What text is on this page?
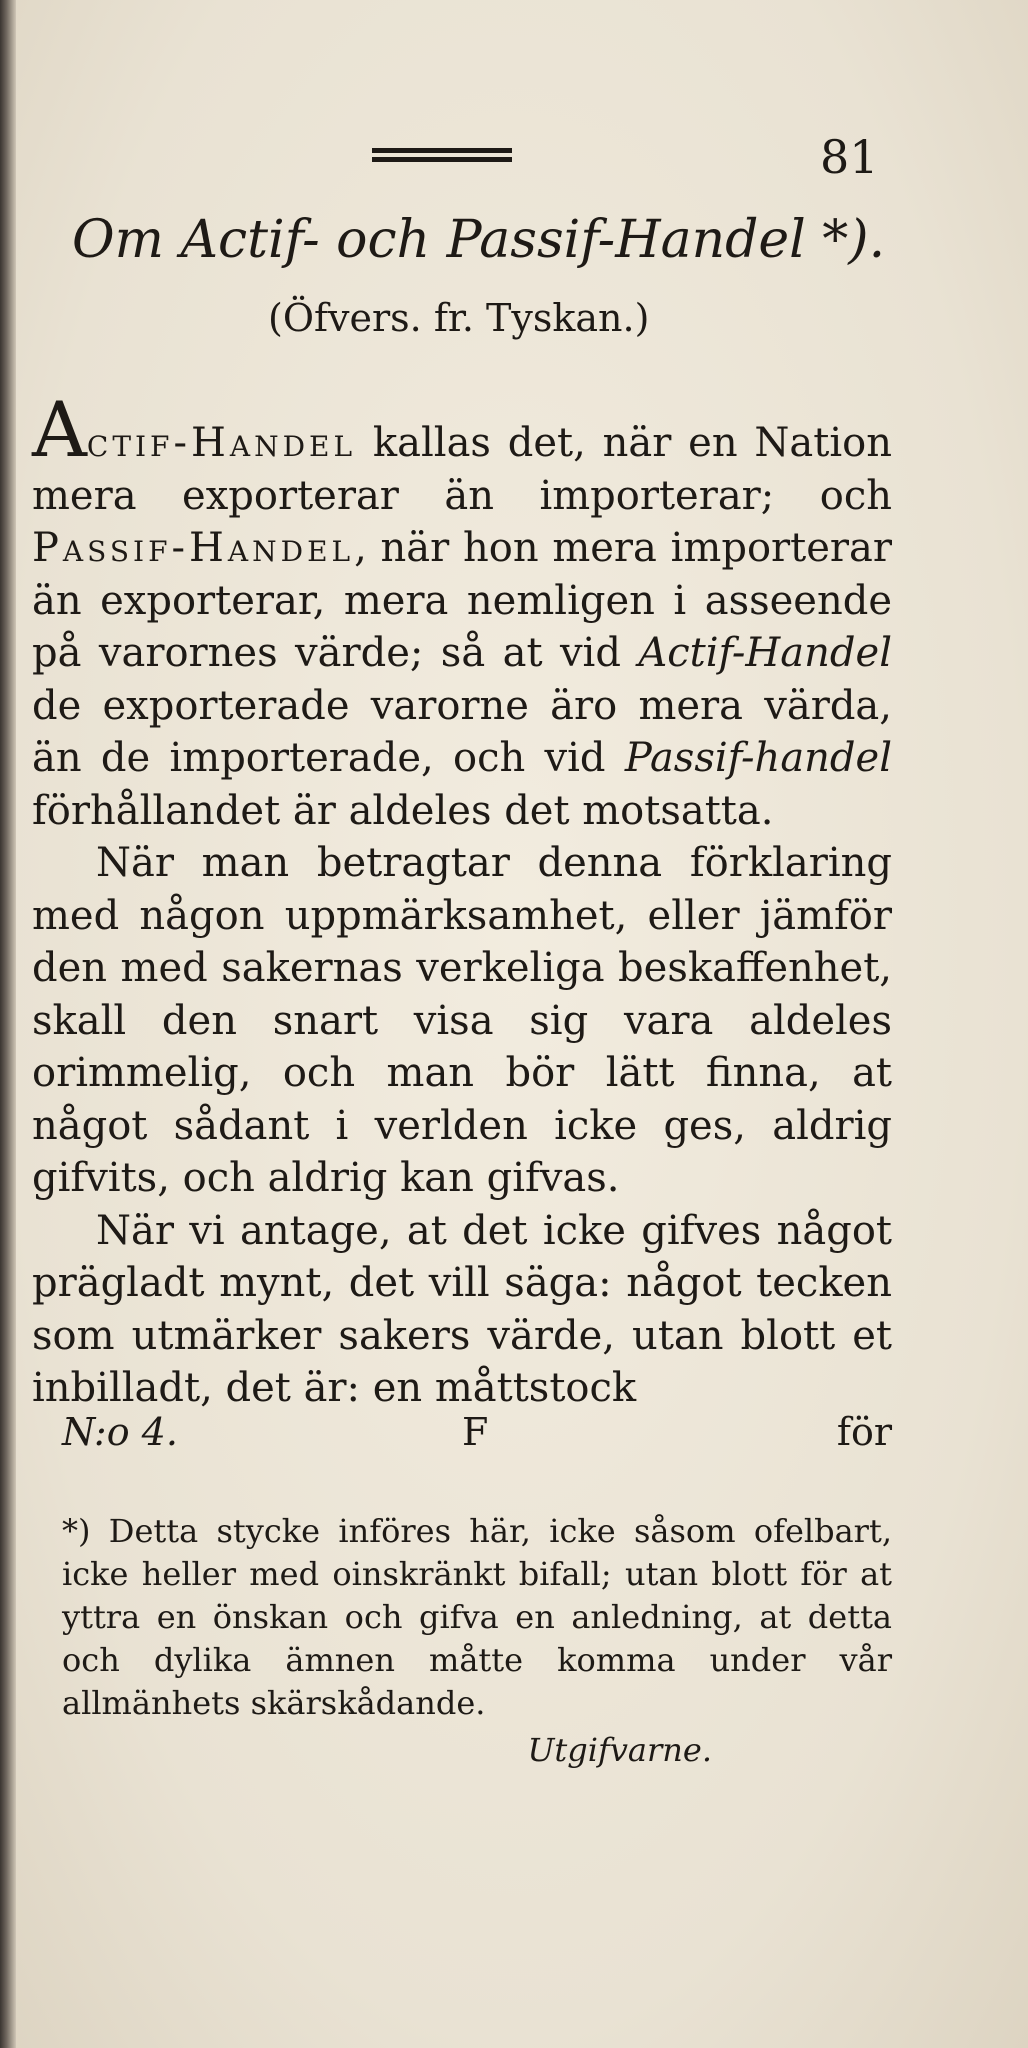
81
Om Actif- och Passif-Handel *).
(Öfvers. fr. Tyskan.)

Actif-Handel kallas det, när en Nation mera exporterar än importerar; och Passif-Handel, när hon mera importerar än exporterar, mera nemligen i asseende på varornes värde; så at vid Actif-Handel de exporterade varorne äro mera värda, än de importerade, och vid Passif-handel förhållandet är aldeles det motsatta.

När man betragtar denna förklaring med någon uppmärksamhet, eller jämför den med sakernas verkeliga beskaffenhet, skall den snart visa sig vara aldeles orimmelig, och man bör lätt finna, at något sådant i verlden icke ges, aldrig gifvits, och aldrig kan gifvas.

När vi antage, at det icke gifves något prägladt mynt, det vill säga: något tecken som utmärker sakers värde, utan blott et inbilladt, det är: en måttstock

N:o 4.	F	för

*) Detta stycke införes här, icke såsom ofelbart, icke heller med oinskränkt bifall; utan blott för at yttra en önskan och gifva en anledning, at detta och dylika ämnen måtte komma under vår allmänhets skärskådande.

Utgifvarne.
